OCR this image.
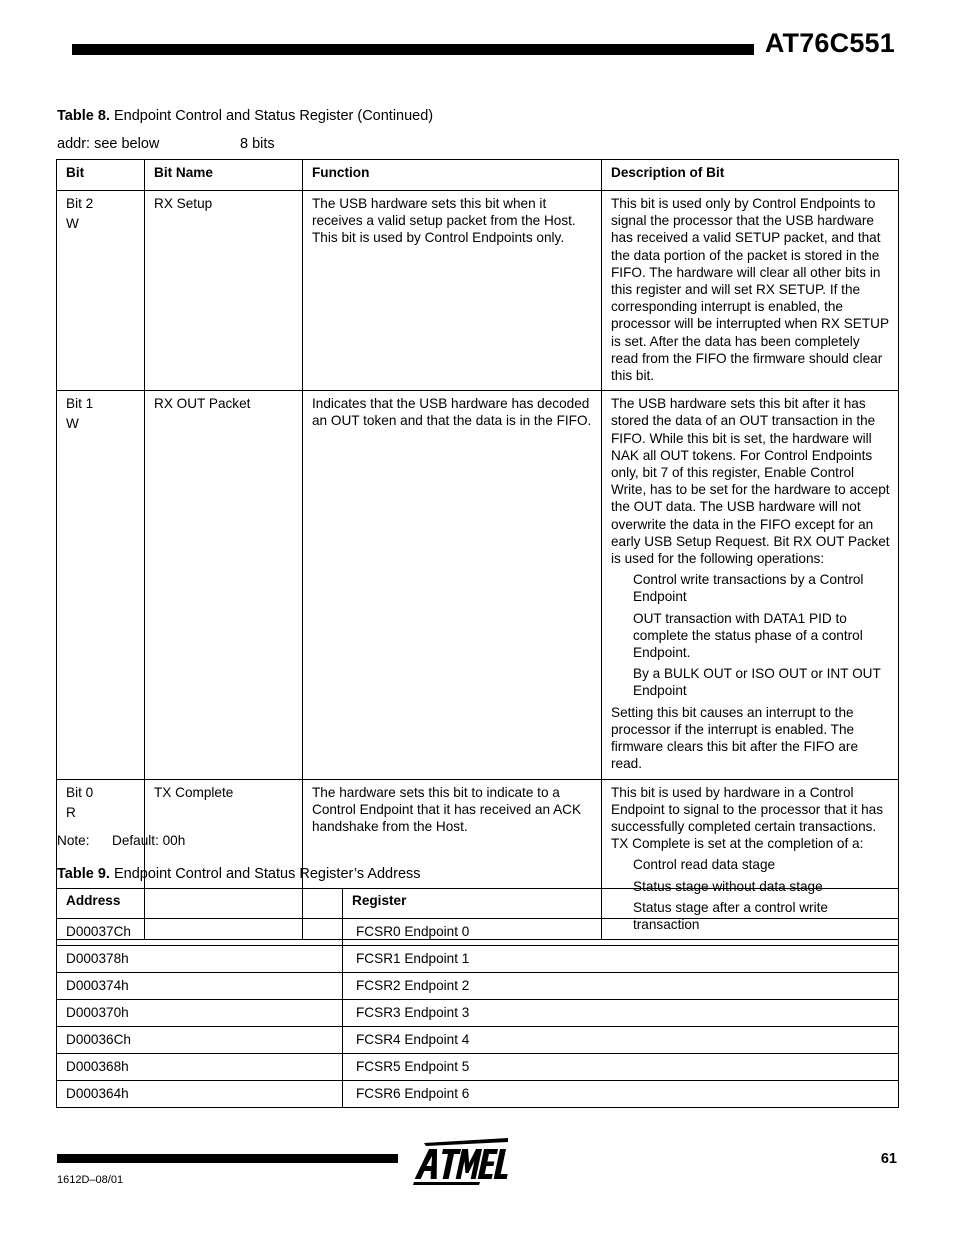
AT76C551
Table 8. Endpoint Control and Status Register (Continued)
addr: see below	8 bits
Bit	Bit Name	Function	Description of Bit

Bit 2
W	RX Setup	The USB hardware sets this bit when it receives a valid setup packet from the Host. This bit is used by Control Endpoints only.	This bit is used only by Control Endpoints to signal the processor that the USB hardware has received a valid SETUP packet, and that the data portion of the packet is stored in the FIFO. The hardware will clear all other bits in this register and will set RX SETUP. If the corresponding interrupt is enabled, the processor will be interrupted when RX SETUP is set. After the data has been completely read from the FIFO the firmware should clear this bit.

Bit 1
W	RX OUT Packet	Indicates that the USB hardware has decoded an OUT token and that the data is in the FIFO.	The USB hardware sets this bit after it has stored the data of an OUT transaction in the FIFO. While this bit is set, the hardware will NAK all OUT tokens. For Control Endpoints only, bit 7 of this register, Enable Control Write, has to be set for the hardware to accept the OUT data. The USB hardware will not overwrite the data in the FIFO except for an early USB Setup Request. Bit RX OUT Packet is used for the following operations:
Control write transactions by a Control Endpoint
OUT transaction with DATA1 PID to complete the status phase of a control Endpoint.
By a BULK OUT or ISO OUT or INT OUT Endpoint
Setting this bit causes an interrupt to the processor if the interrupt is enabled. The firmware clears this bit after the FIFO are read.

Bit 0
R	TX Complete	The hardware sets this bit to indicate to a Control Endpoint that it has received an ACK handshake from the Host.	This bit is used by hardware in a Control Endpoint to signal to the processor that it has successfully completed certain transactions. TX Complete is set at the completion of a:
Control read data stage
Status stage without data stage
Status stage after a control write transaction
Note: Default: 00h
Table 9. Endpoint Control and Status Register’s Address
Address	Register
D00037Ch	FCSR0 Endpoint 0
D000378h	FCSR1 Endpoint 1
D000374h	FCSR2 Endpoint 2
D000370h	FCSR3 Endpoint 3
D00036Ch	FCSR4 Endpoint 4
D000368h	FCSR5 Endpoint 5
D000364h	FCSR6 Endpoint 6
61
1612D–08/01
